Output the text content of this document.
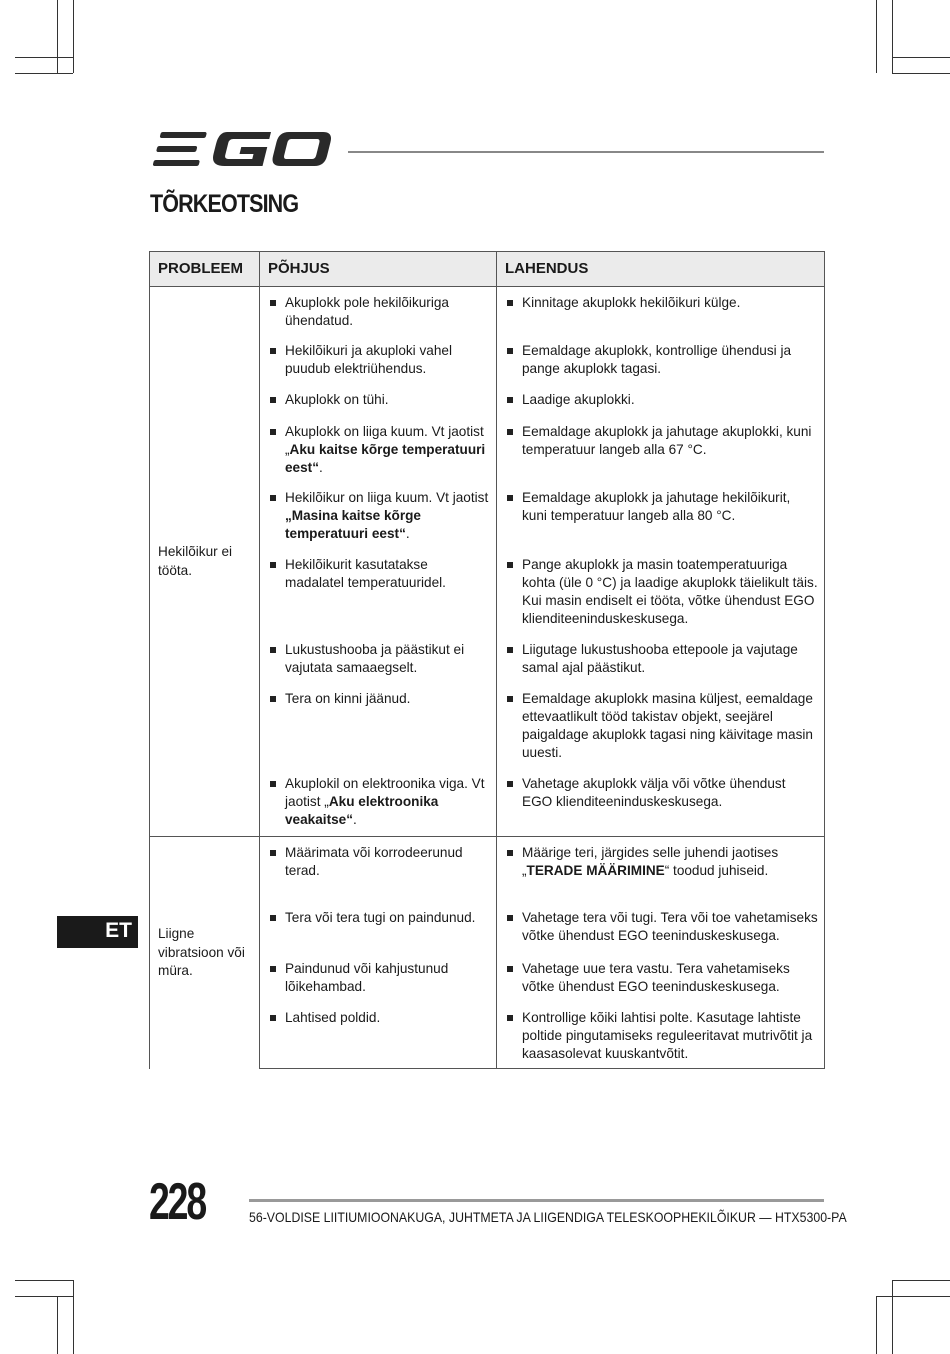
TÕRKEOTSING
PROBLEEM	PÕHJUS	LAHENDUS
Hekilõikur ei tööta.	Akuplokk pole hekilõikuriga ühendatud.	Kinnitage akuplokk hekilõikuri külge.

Hekilõikuri ja akuploki vahel puudub elektriühendus.	Eemaldage akuplokk, kontrollige ühendusi ja pange akuplokk tagasi.

Akuplokk on tühi.	Laadige akuplokki.

Akuplokk on liiga kuum. Vt jaotist „Aku kaitse kõrge temperatuuri eest“.	Eemaldage akuplokk ja jahutage akuplokki, kuni temperatuur langeb alla 67 °C.

Hekilõikur on liiga kuum. Vt jaotist „Masina kaitse kõrge temperatuuri eest“.	Eemaldage akuplokk ja jahutage hekilõikurit, kuni temperatuur langeb alla 80 °C.

Hekilõikurit kasutatakse madalatel temperatuuridel.	Pange akuplokk ja masin toatemperatuuriga kohta (üle 0 °C) ja laadige akuplokk täielikult täis. Kui masin endiselt ei tööta, võtke ühendust EGO klienditeeninduskeskusega.

Lukustushooba ja päästikut ei vajutata samaaegselt.	Liigutage lukustushooba ettepoole ja vajutage samal ajal päästikut.

Tera on kinni jäänud.	Eemaldage akuplokk masina küljest, eemaldage ettevaatlikult tööd takistav objekt, seejärel paigaldage akuplokk tagasi ning käivitage masin uuesti.

Akuplokil on elektroonika viga. Vt jaotist „Aku elektroonika veakaitse“.	Vahetage akuplokk välja või võtke ühendust EGO klienditeeninduskeskusega.

Liigne vibratsioon või müra.	Määrimata või korrodeerunud terad.	Määrige teri, järgides selle juhendi jaotises „TERADE MÄÄRIMINE“ toodud juhiseid.

Tera või tera tugi on paindunud.	Vahetage tera või tugi. Tera või toe vahetamiseks võtke ühendust EGO teeninduskeskusega.

Paindunud või kahjustunud lõikehambad.	Vahetage uue tera vastu. Tera vahetamiseks võtke ühendust EGO teeninduskeskusega.

Lahtised poldid.	Kontrollige kõiki lahtisi polte. Kasutage lahtiste poltide pingutamiseks reguleeritavat mutrivõtit ja kaasasolevat kuuskantvõtit.
ET
228	56-VOLDISE LIITIUMIOONAKUGA, JUHTMETA JA LIIGENDIGA TELESKOOPHEKILÕIKUR — HTX5300-PA
